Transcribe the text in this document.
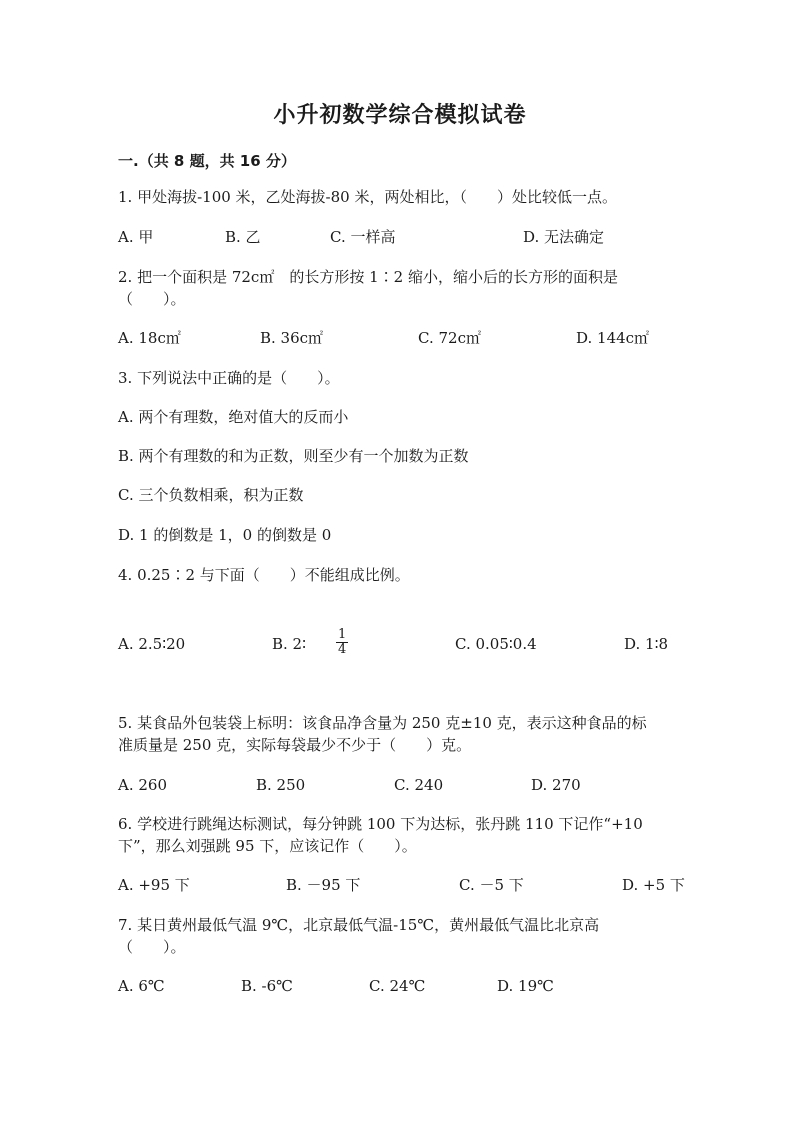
小升初数学综合模拟试卷
一.（共 8 题，共 16 分）
1. 甲处海拔-100 米，乙处海拔-80 米，两处相比，（　　）处比较低一点。
A. 甲	B. 乙	C. 一样高	D. 无法确定
2. 把一个面积是 72c㎡　的长方形按 1∶2 缩小，缩小后的长方形的面积是
（　　）。
A. 18c㎡	B. 36c㎡	C. 72c㎡	D. 144c㎡
3. 下列说法中正确的是（　　）。
A. 两个有理数，绝对值大的反而小
B. 两个有理数的和为正数，则至少有一个加数为正数
C. 三个负数相乘，积为正数
D. 1 的倒数是 1，0 的倒数是 0
4. 0.25∶2 与下面（　　）不能组成比例。
A. 2.5∶20	B. 2∶ $\frac{1}{4}$	C. 0.05∶0.4	D. 1∶8
5. 某食品外包装袋上标明：该食品净含量为 250 克±10 克，表示这种食品的标
准质量是 250 克，实际每袋最少不少于（　　）克。
A. 260	B. 250	C. 240	D. 270
6. 学校进行跳绳达标测试，每分钟跳 100 下为达标，张丹跳 110 下记作“+10
下”，那么刘强跳 95 下，应该记作（　　）。
A. +95 下	B. －95 下	C. －5 下	D. +5 下
7. 某日黄州最低气温 9℃，北京最低气温-15℃，黄州最低气温比北京高
（　　）。
A. 6℃	B. -6℃	C. 24℃	D. 19℃
